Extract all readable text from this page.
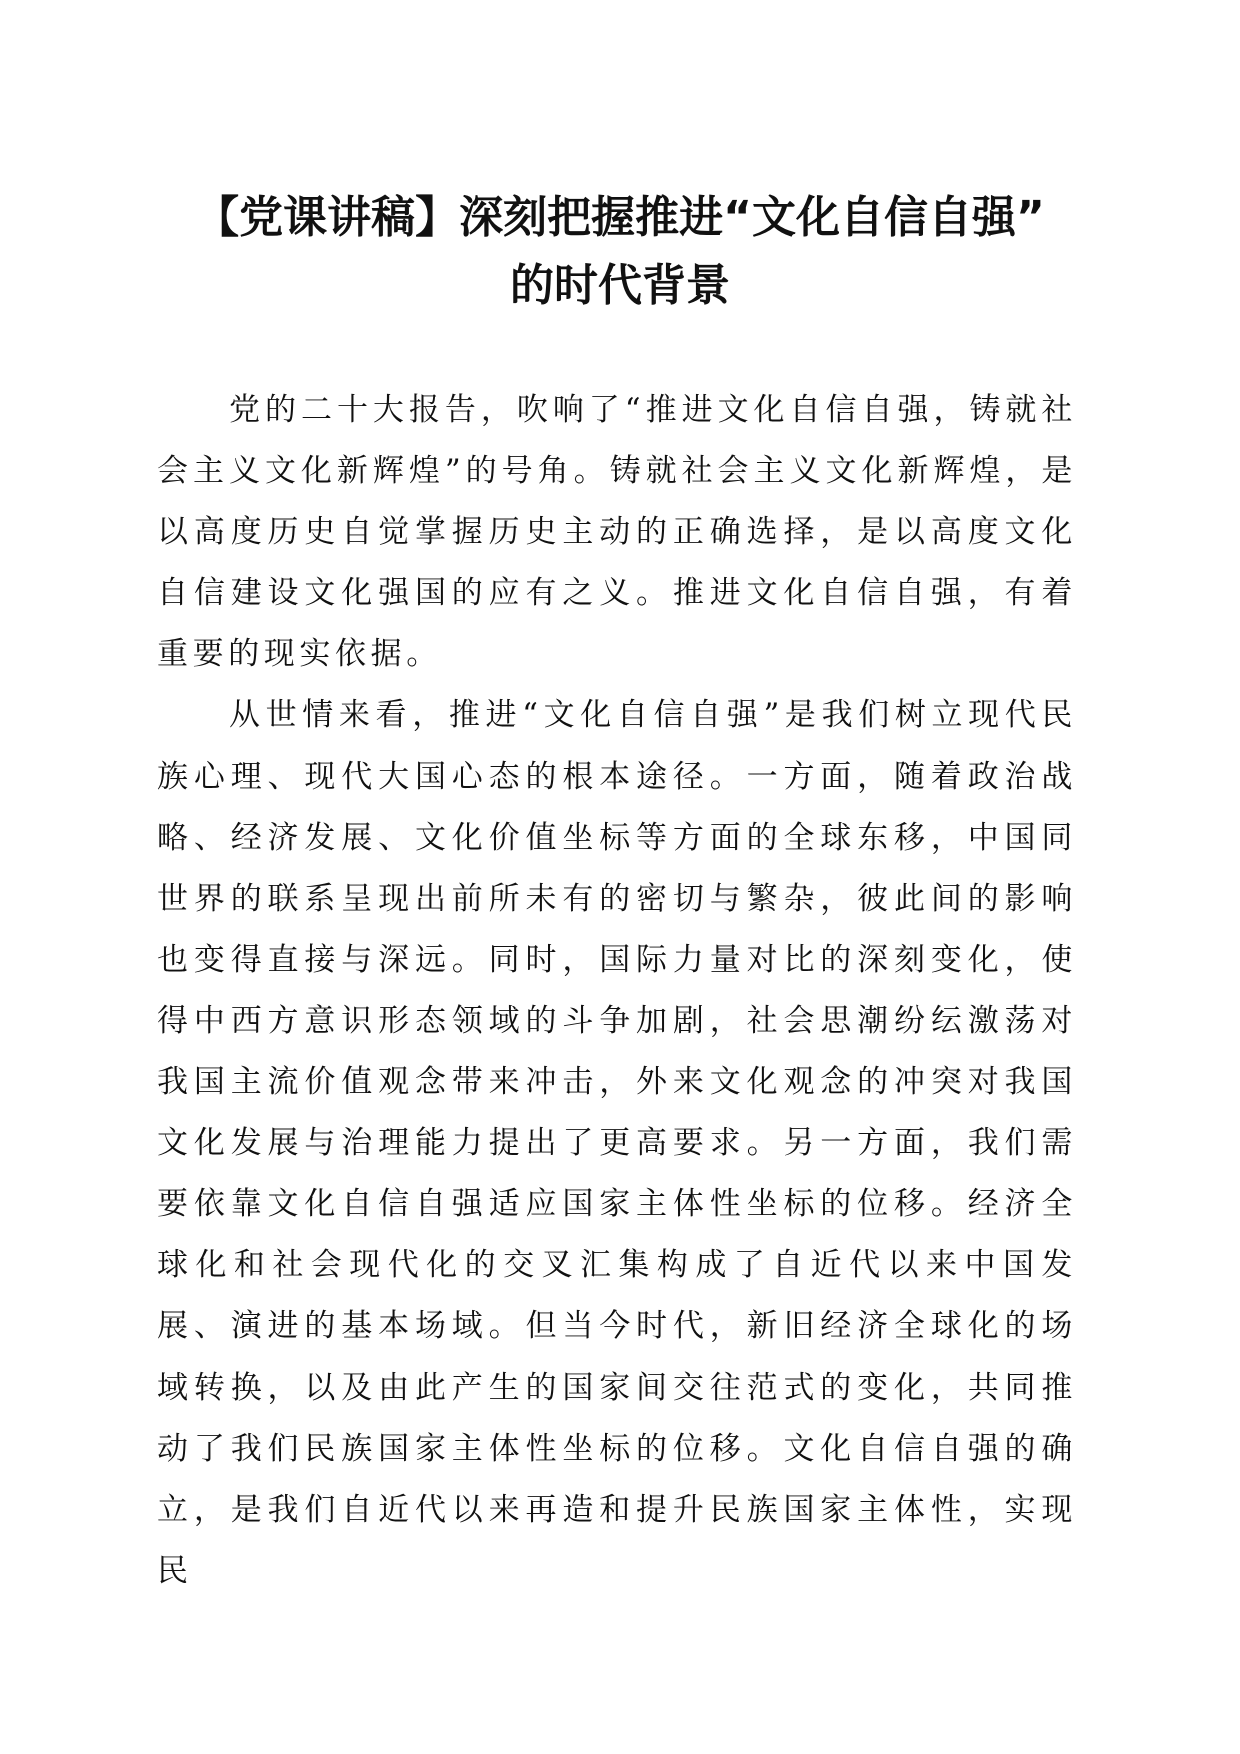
【党课讲稿】深刻把握推进“文化自信自强”
的时代背景

党的二十大报告，吹响了“推进文化自信自强，铸就社会主义文化新辉煌”的号角。铸就社会主义文化新辉煌，是以高度历史自觉掌握历史主动的正确选择，是以高度文化自信建设文化强国的应有之义。推进文化自信自强，有着重要的现实依据。

从世情来看，推进“文化自信自强”是我们树立现代民族心理、现代大国心态的根本途径。一方面，随着政治战略、经济发展、文化价值坐标等方面的全球东移，中国同世界的联系呈现出前所未有的密切与繁杂，彼此间的影响也变得直接与深远。同时，国际力量对比的深刻变化，使得中西方意识形态领域的斗争加剧，社会思潮纷纭激荡对我国主流价值观念带来冲击，外来文化观念的冲突对我国文化发展与治理能力提出了更高要求。另一方面，我们需要依靠文化自信自强适应国家主体性坐标的位移。经济全球化和社会现代化的交叉汇集构成了自近代以来中国发展、演进的基本场域。但当今时代，新旧经济全球化的场域转换，以及由此产生的国家间交往范式的变化，共同推动了我们民族国家主体性坐标的位移。文化自信自强的确立，是我们自近代以来再造和提升民族国家主体性，实现民
